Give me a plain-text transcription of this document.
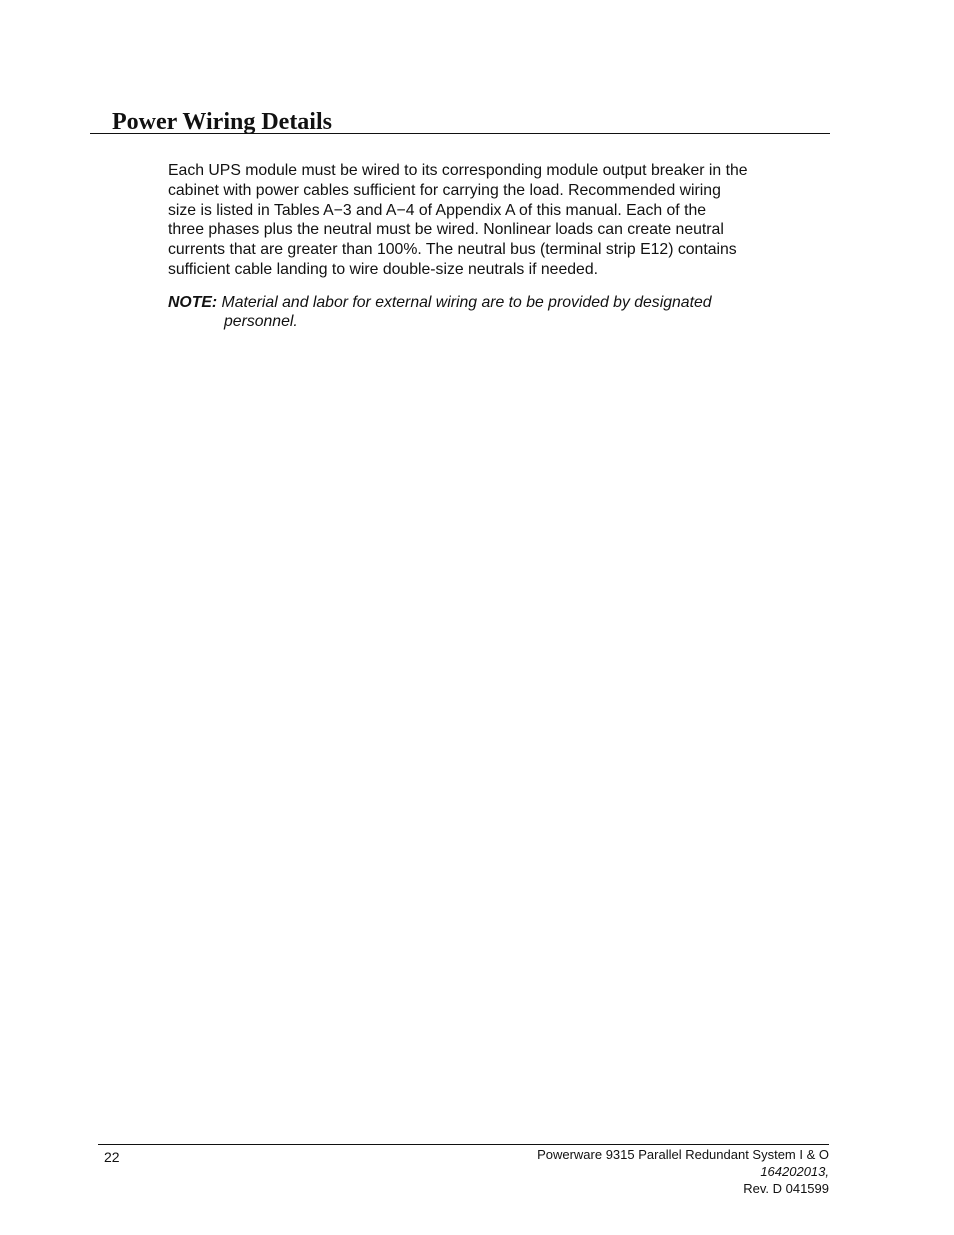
Power Wiring Details

Each UPS module must be wired to its corresponding module output breaker in the
cabinet with power cables sufficient for carrying the load. Recommended wiring
size is listed in Tables A−3 and A−4 of Appendix A of this manual. Each of the
three phases plus the neutral must be wired. Nonlinear loads can create neutral
currents that are greater than 100%. The neutral bus (terminal strip E12) contains
sufficient cable landing to wire double-size neutrals if needed.

NOTE: Material and labor for external wiring are to be provided by designated
personnel.
22	Powerware 9315 Parallel Redundant System I & O
164202013,
Rev. D 041599
